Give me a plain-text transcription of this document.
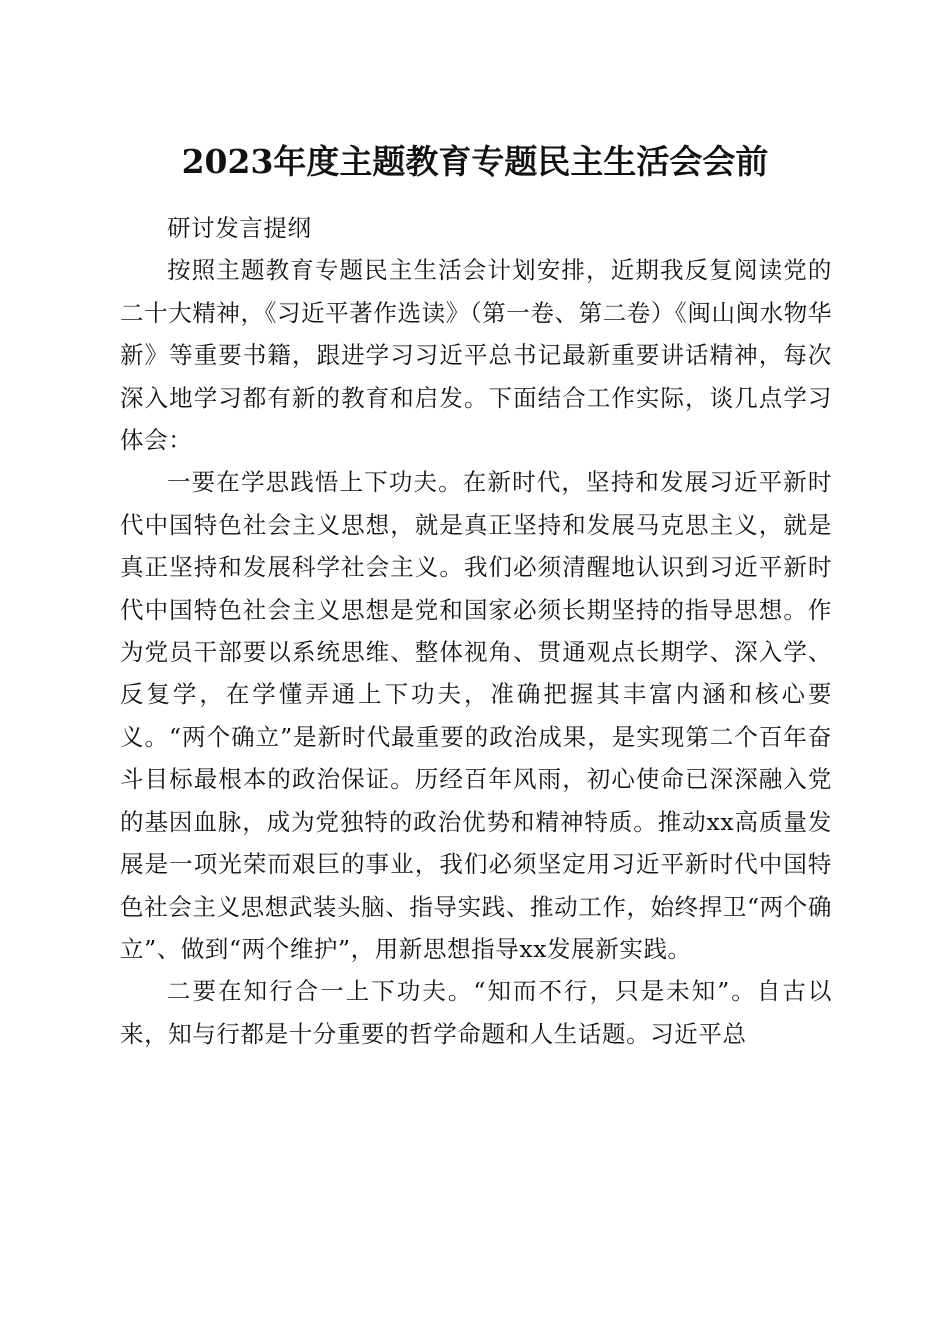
2023年度主题教育专题民主生活会会前

研讨发言提纲

按照主题教育专题民主生活会计划安排，近期我反复阅读党的二十大精神，《习近平著作选读》（第一卷、第二卷）《闽山闽水物华新》等重要书籍，跟进学习习近平总书记最新重要讲话精神，每次深入地学习都有新的教育和启发。下面结合工作实际，谈几点学习体会：

一要在学思践悟上下功夫。在新时代，坚持和发展习近平新时代中国特色社会主义思想，就是真正坚持和发展马克思主义，就是真正坚持和发展科学社会主义。我们必须清醒地认识到习近平新时代中国特色社会主义思想是党和国家必须长期坚持的指导思想。作为党员干部要以系统思维、整体视角、贯通观点长期学、深入学、反复学，在学懂弄通上下功夫，准确把握其丰富内涵和核心要义。“两个确立”是新时代最重要的政治成果，是实现第二个百年奋斗目标最根本的政治保证。历经百年风雨，初心使命已深深融入党的基因血脉，成为党独特的政治优势和精神特质。推动xx高质量发展是一项光荣而艰巨的事业，我们必须坚定用习近平新时代中国特色社会主义思想武装头脑、指导实践、推动工作，始终捍卫“两个确立”、做到“两个维护”，用新思想指导xx发展新实践。

二要在知行合一上下功夫。“知而不行，只是未知”。自古以来，知与行都是十分重要的哲学命题和人生话题。习近平总
